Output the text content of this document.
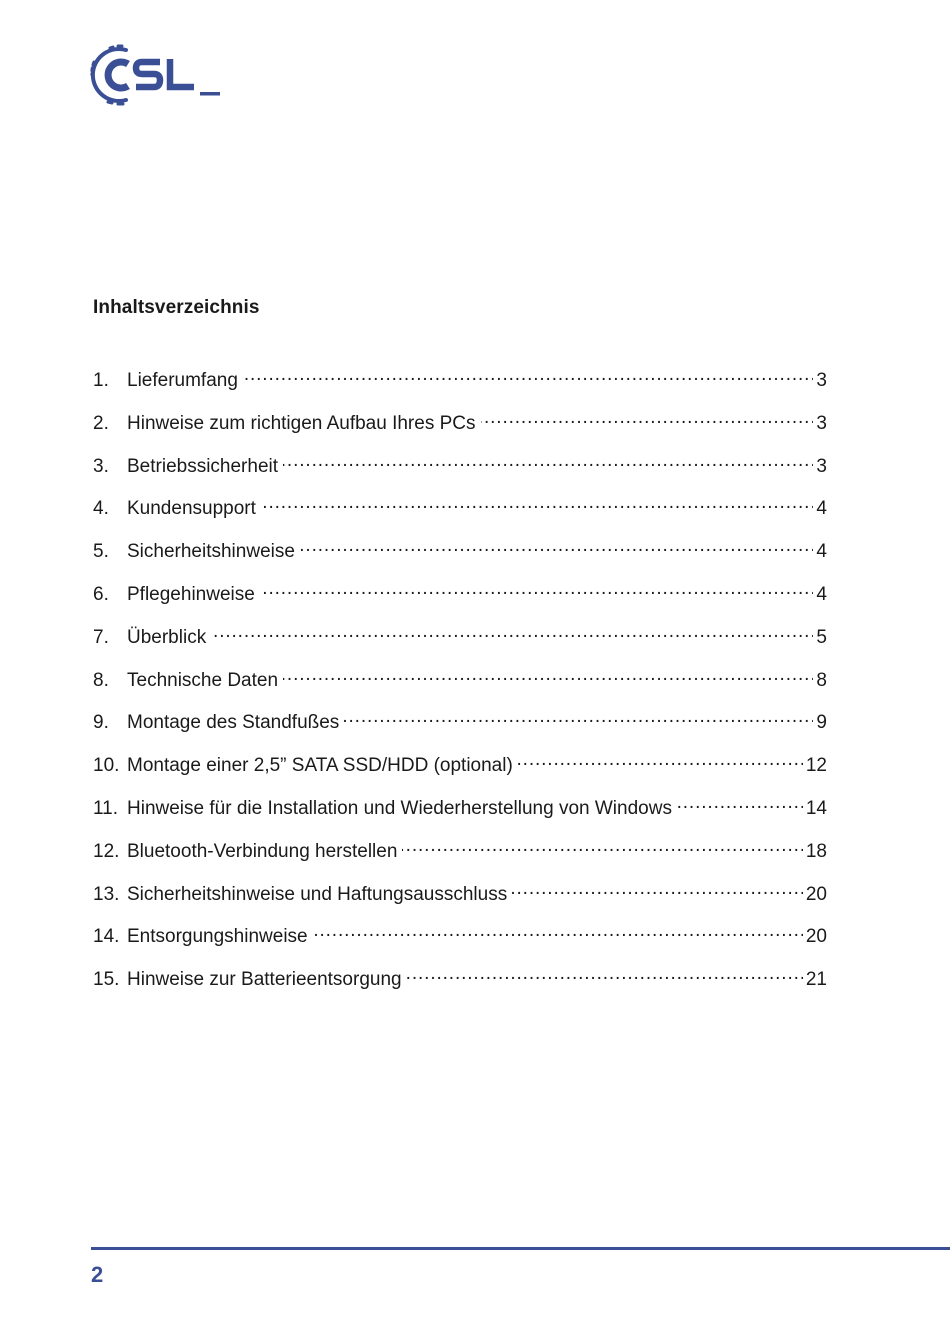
Inhaltsverzeichnis
1. Lieferumfang . . .	3
2. Hinweise zum richtigen Aufbau Ihres PCs . . .	3
3. Betriebssicherheit . . .	3
4. Kundensupport . . .	4
5. Sicherheitshinweise . . .	4
6. Pflegehinweise . . .	4
7. Überblick . . .	5
8. Technische Daten . . .	8
9. Montage des Standfußes . . .	9
10. Montage einer 2,5” SATA SSD/HDD (optional) . . .	12
11. Hinweise für die Installation und Wiederherstellung von Windows . . .	14
12. Bluetooth-Verbindung herstellen . . .	18
13. Sicherheitshinweise und Haftungsausschluss . . .	20
14. Entsorgungshinweise . . .	20
15. Hinweise zur Batterieentsorgung . . .	21
2
